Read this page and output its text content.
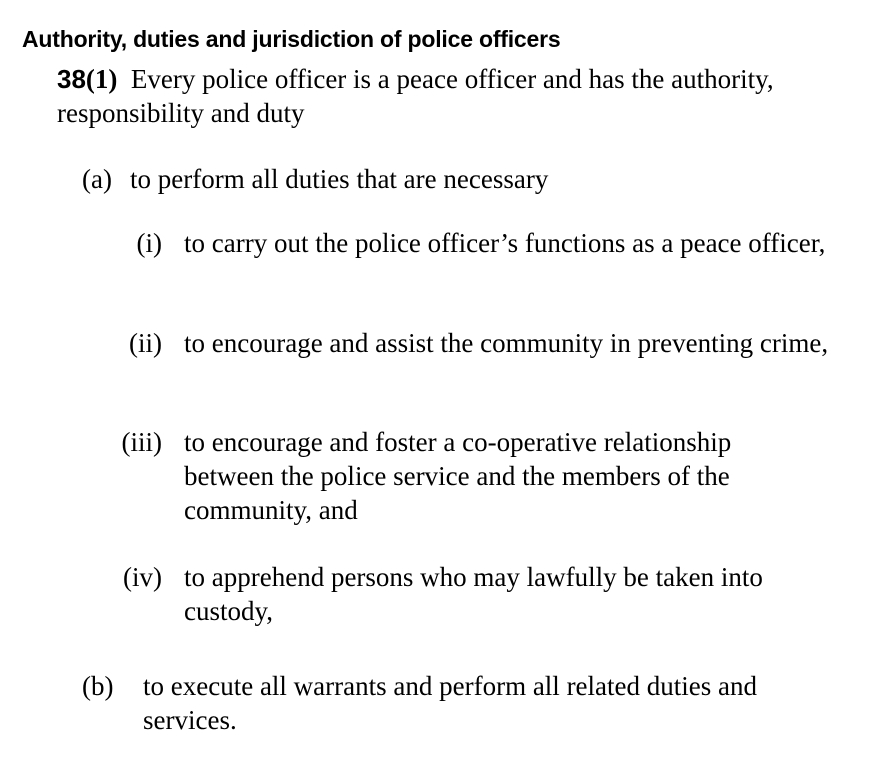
Authority, duties and jurisdiction of police officers
38(1) Every police officer is a peace officer and has the authority, responsibility and duty
(a) to perform all duties that are necessary
(i) to carry out the police officer’s functions as a peace officer,
(ii) to encourage and assist the community in preventing crime,
(iii) to encourage and foster a co-operative relationship between the police service and the members of the community, and
(iv) to apprehend persons who may lawfully be taken into custody,
(b)	to execute all warrants and perform all related duties and services.
